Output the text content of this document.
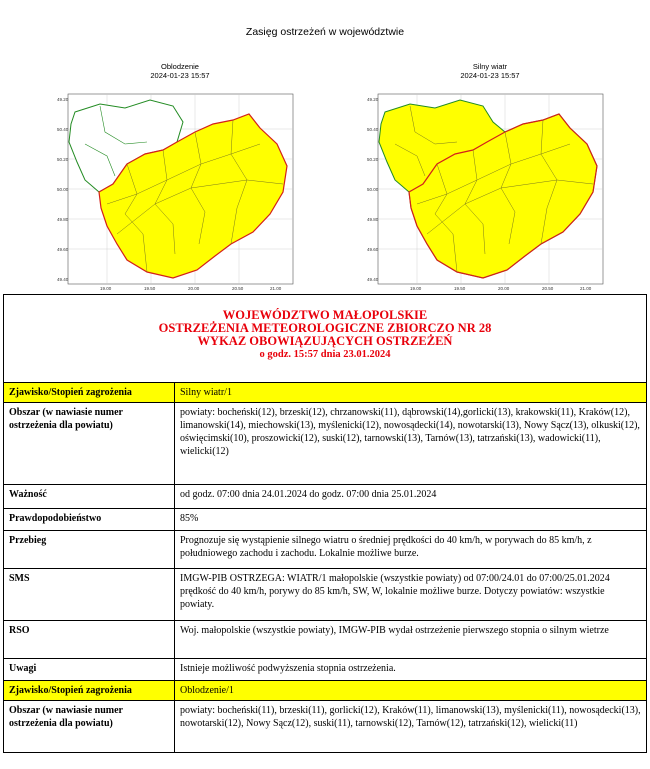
Zasięg ostrzeżeń w województwie
Oblodzenie
2024-01-23 15:57
50.40
50.20
50.00
49.80
49.60
49.40
49.20
19.00	19.50	20.00	20.50	21.00
Silny wiatr
2024-01-23 15:57
50.40
50.20
50.00
49.80
49.60
49.40
49.20
19.00	19.50	20.00	20.50	21.00
WOJEWÓDZTWO MAŁOPOLSKIE
OSTRZEŻENIA METEOROLOGICZNE ZBIORCZO NR 28
WYKAZ OBOWIĄZUJĄCYCH OSTRZEŻEŃ
o godz. 15:57 dnia 23.01.2024	

Zjawisko/Stopień zagrożenia	Silny wiatr/1
Obszar (w nawiasie numer ostrzeżenia dla powiatu)	powiaty: bocheński(12), brzeski(12), chrzanowski(11), dąbrowski(14),gorlicki(13), krakowski(11), Kraków(12), limanowski(14), miechowski(13), myślenicki(12), nowosądecki(14), nowotarski(13), Nowy Sącz(13), olkuski(12), oświęcimski(10), proszowicki(12), suski(12), tarnowski(13), Tarnów(13), tatrzański(13), wadowicki(11), wielicki(12)
Ważność	od godz. 07:00 dnia 24.01.2024 do godz. 07:00 dnia 25.01.2024
Prawdopodobieństwo	85%
Przebieg	Prognozuje się wystąpienie silnego wiatru o średniej prędkości do 40 km/h, w porywach do 85 km/h, z południowego zachodu i zachodu. Lokalnie możliwe burze.
SMS	IMGW-PIB OSTRZEGA: WIATR/1 małopolskie (wszystkie powiaty) od 07:00/24.01 do 07:00/25.01.2024 prędkość do 40 km/h, porywy do 85 km/h, SW, W, lokalnie możliwe burze. Dotyczy powiatów: wszystkie powiaty.
RSO	Woj. małopolskie (wszystkie powiaty), IMGW-PIB wydał ostrzeżenie pierwszego stopnia o silnym wietrze
Uwagi	Istnieje możliwość podwyższenia stopnia ostrzeżenia.
Zjawisko/Stopień zagrożenia	Oblodzenie/1
Obszar (w nawiasie numer ostrzeżenia dla powiatu)	powiaty: bocheński(11), brzeski(11), gorlicki(12), Kraków(11), limanowski(13), myślenicki(11), nowosądecki(13), nowotarski(12), Nowy Sącz(12), suski(11), tarnowski(12), Tarnów(12), tatrzański(12), wielicki(11)
